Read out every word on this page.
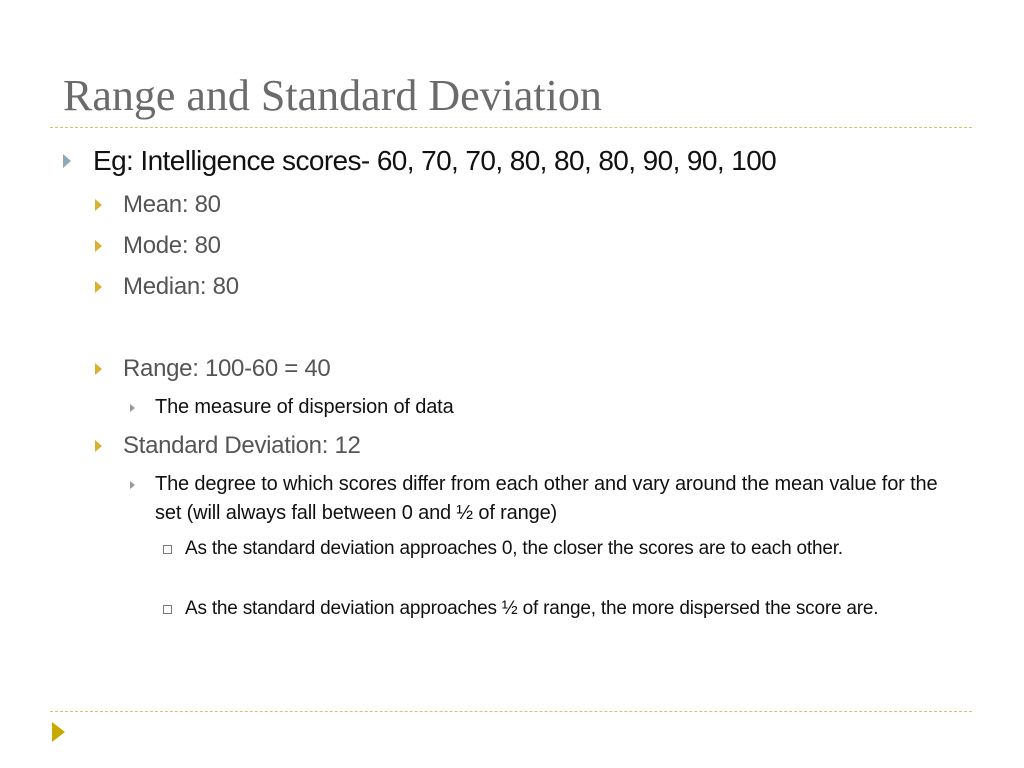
Range and Standard Deviation

Eg: Intelligence scores- 60, 70, 70, 80, 80, 80, 90, 90, 100

Mean: 80

Mode: 80

Median: 80

Range: 100-60 = 40

The measure of dispersion of data

Standard Deviation: 12

The degree to which scores differ from each other and vary around the mean value for the set (will always fall between 0 and ½ of range)

As the standard deviation approaches 0, the closer the scores are to each other.

As the standard deviation approaches ½ of range, the more dispersed the score are.
